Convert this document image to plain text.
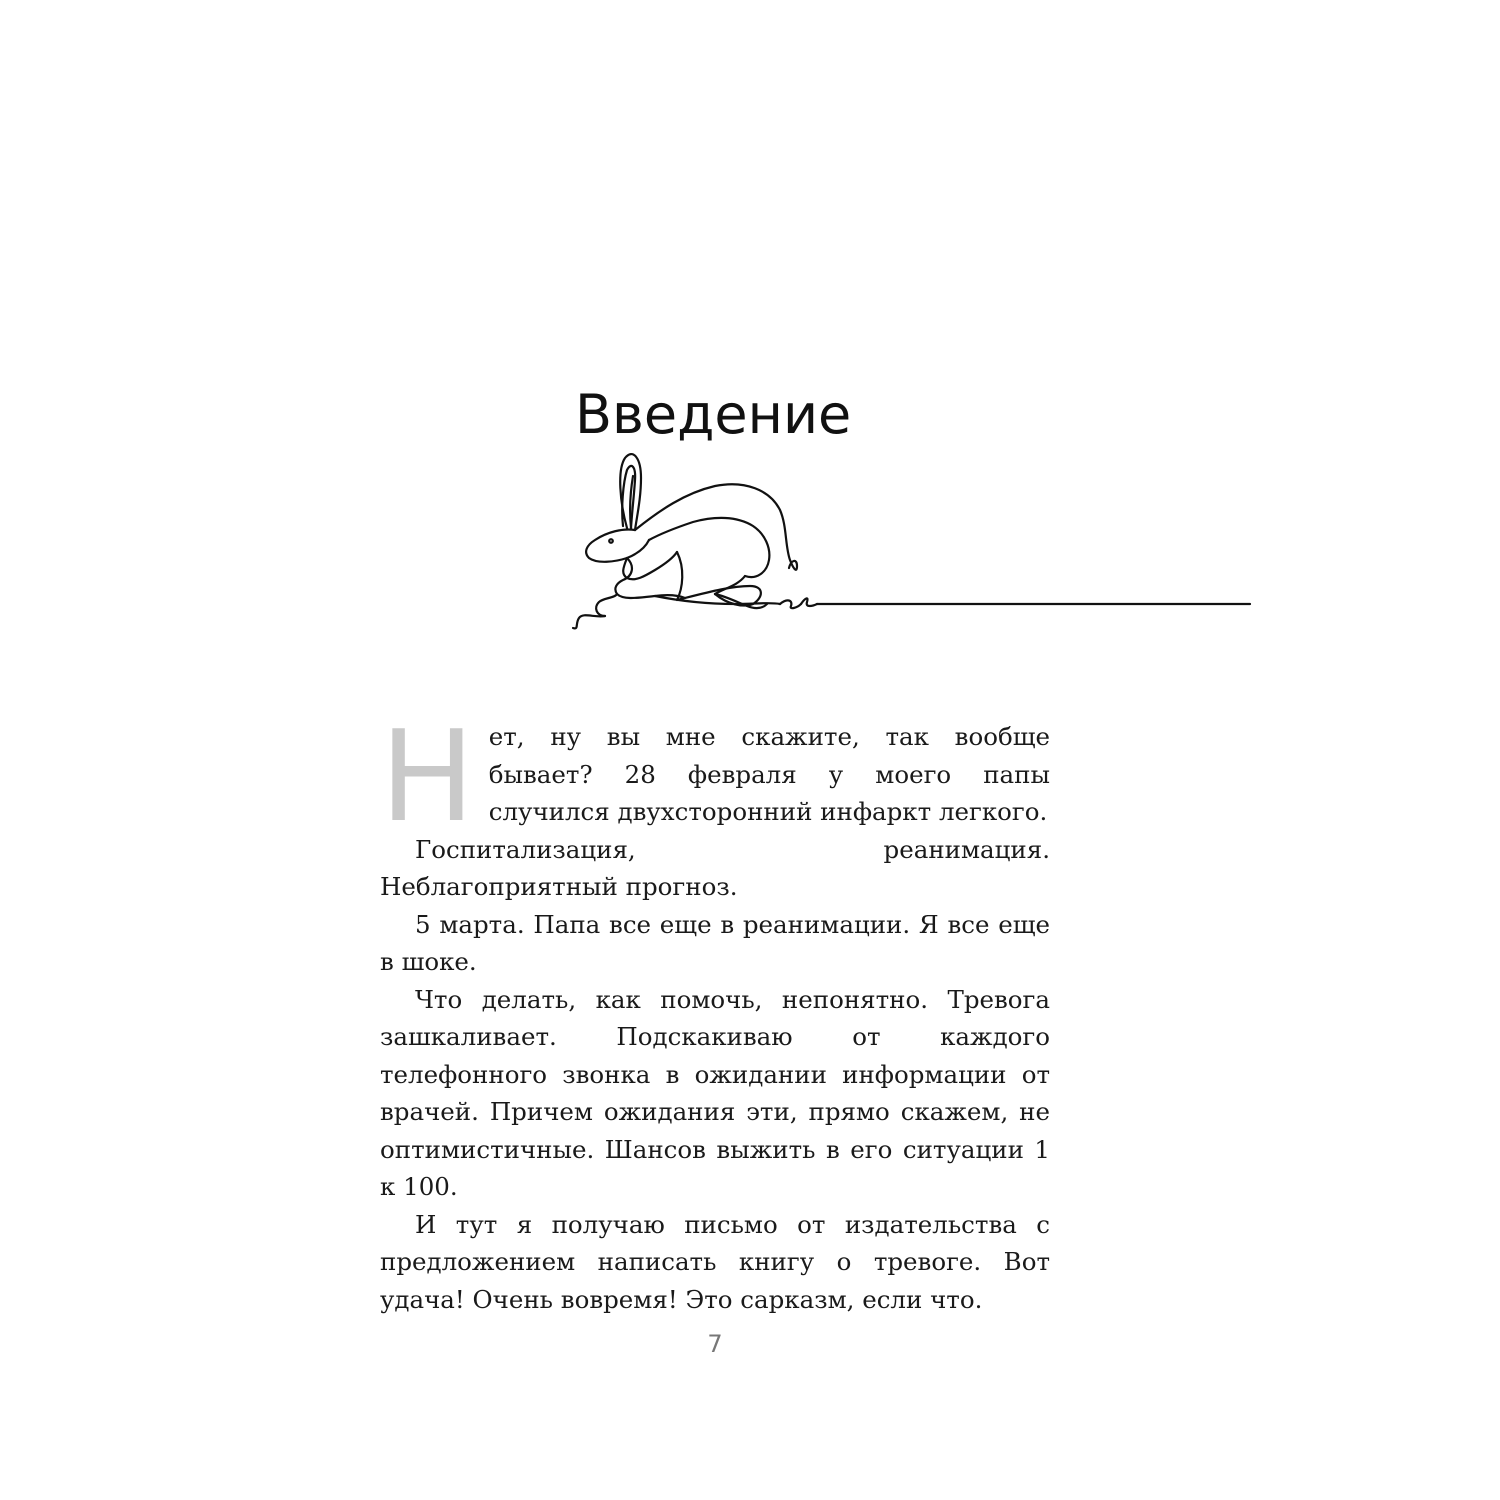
Введение

Нет, ну вы мне скажите, так вообще бывает? 28 февраля у моего папы случился двухсторонний инфаркт легкого.

Госпитализация, реанимация. Неблагоприятный прогноз.

5 марта. Папа все еще в реанимации. Я все еще в шоке.

Что делать, как помочь, непонятно. Тревога зашкаливает. Подскакиваю от каждого телефонного звонка в ожидании информации от врачей. Причем ожидания эти, прямо скажем, не оптимистичные. Шансов выжить в его ситуации 1 к 100.

И тут я получаю письмо от издательства с предложением написать книгу о тревоге. Вот удача! Очень вовремя! Это сарказм, если что.

7
